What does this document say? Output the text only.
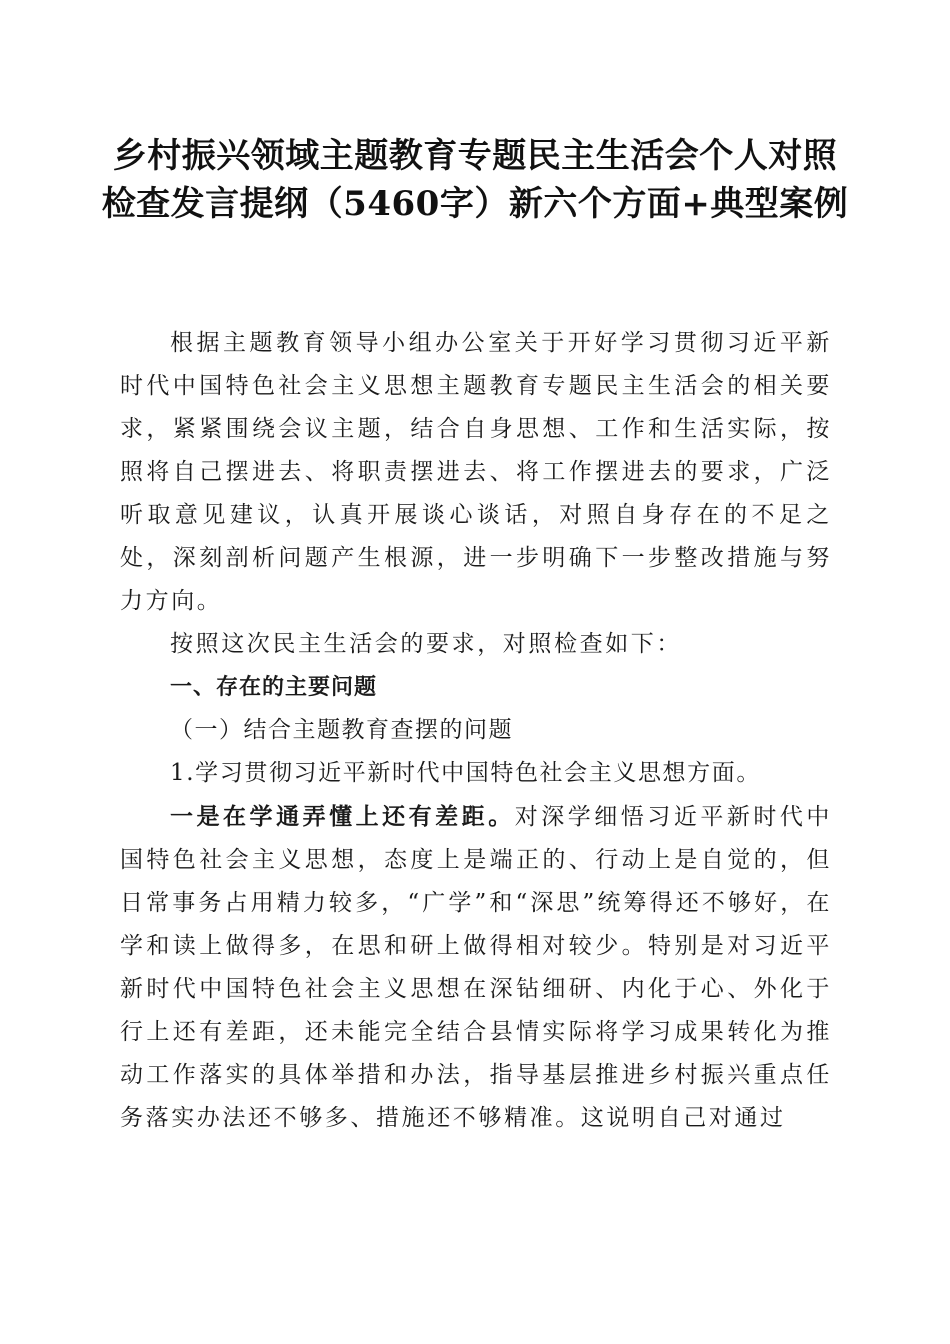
乡村振兴领域主题教育专题民主生活会个人对照检查发言提纲（5460字）新六个方面+典型案例

根据主题教育领导小组办公室关于开好学习贯彻习近平新时代中国特色社会主义思想主题教育专题民主生活会的相关要求，紧紧围绕会议主题，结合自身思想、工作和生活实际，按照将自己摆进去、将职责摆进去、将工作摆进去的要求，广泛听取意见建议，认真开展谈心谈话，对照自身存在的不足之处，深刻剖析问题产生根源，进一步明确下一步整改措施与努力方向。

按照这次民主生活会的要求，对照检查如下：

一、存在的主要问题

（一）结合主题教育查摆的问题

1.学习贯彻习近平新时代中国特色社会主义思想方面。

一是在学通弄懂上还有差距。对深学细悟习近平新时代中国特色社会主义思想，态度上是端正的、行动上是自觉的，但日常事务占用精力较多，“广学”和“深思”统筹得还不够好，在学和读上做得多，在思和研上做得相对较少。特别是对习近平新时代中国特色社会主义思想在深钻细研、内化于心、外化于行上还有差距，还未能完全结合县情实际将学习成果转化为推动工作落实的具体举措和办法，指导基层推进乡村振兴重点任务落实办法还不够多、措施还不够精准。这说明自己对通过
